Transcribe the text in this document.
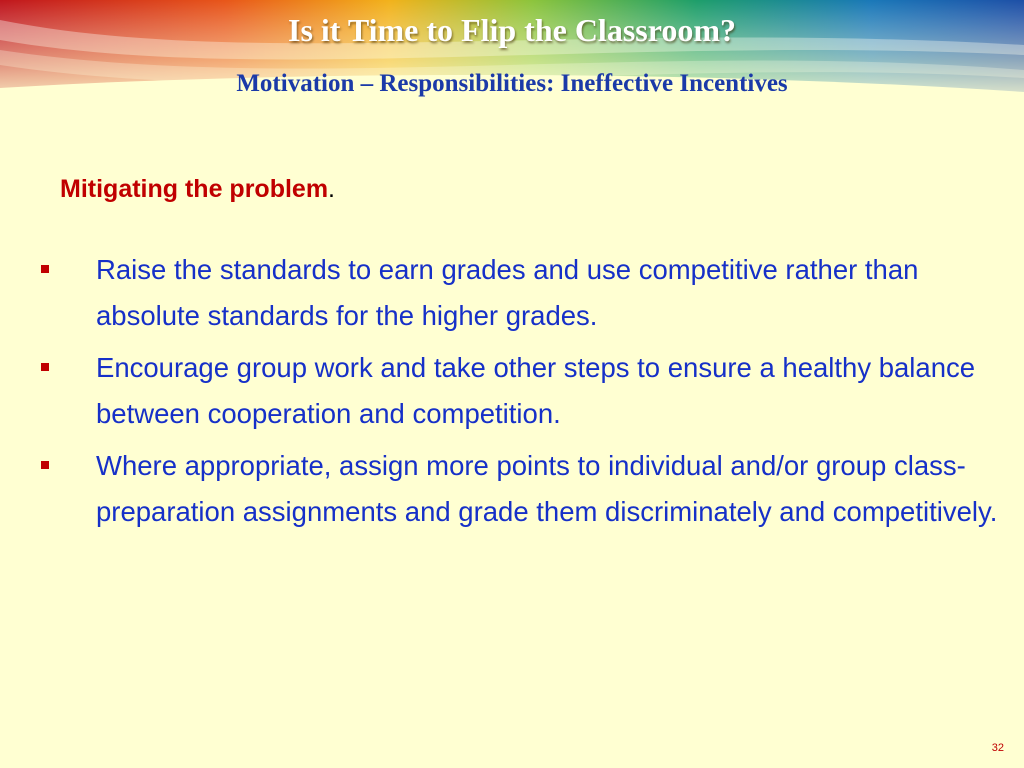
Is it Time to Flip the Classroom?
Motivation – Responsibilities: Ineffective Incentives

Mitigating the problem.

Raise the standards to earn grades and use competitive rather than absolute standards for the higher grades.
Encourage group work and take other steps to ensure a healthy balance between cooperation and competition.
Where appropriate, assign more points to individual and/or group class-preparation assignments and grade them discriminately and competitively.
32
